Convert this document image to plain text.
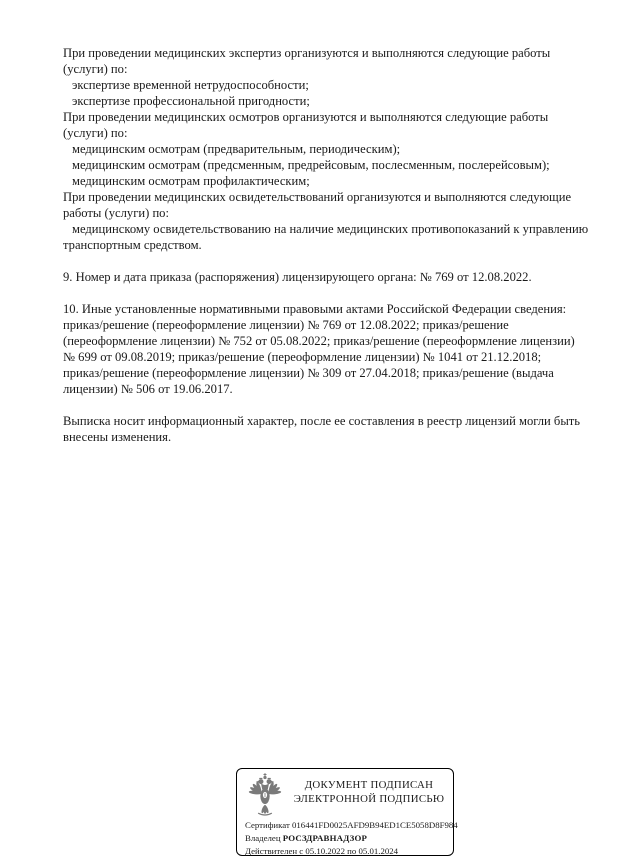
При проведении медицинских экспертиз организуются и выполняются следующие работы
(услуги) по:
экспертизе временной нетрудоспособности;
экспертизе профессиональной пригодности;
При проведении медицинских осмотров организуются и выполняются следующие работы
(услуги) по:
медицинским осмотрам (предварительным, периодическим);
медицинским осмотрам (предсменным, предрейсовым, послесменным, послерейсовым);
медицинским осмотрам профилактическим;
При проведении медицинских освидетельствований организуются и выполняются следующие
работы (услуги) по:
медицинскому освидетельствованию на наличие медицинских противопоказаний к управлению
транспортным средством.

9. Номер и дата приказа (распоряжения) лицензирующего органа: № 769 от 12.08.2022.

10. Иные установленные нормативными правовыми актами Российской Федерации сведения:
приказ/решение (переоформление лицензии) № 769 от 12.08.2022; приказ/решение
(переоформление лицензии) № 752 от 05.08.2022; приказ/решение (переоформление лицензии)
№ 699 от 09.08.2019; приказ/решение (переоформление лицензии) № 1041 от 21.12.2018;
приказ/решение (переоформление лицензии) № 309 от 27.04.2018; приказ/решение (выдача
лицензии) № 506 от 19.06.2017.

Выписка носит информационный характер, после ее составления в реестр лицензий могли быть
внесены изменения.
ДОКУМЕНТ ПОДПИСАН
ЭЛЕКТРОННОЙ ПОДПИСЬЮ
Сертификат 016441FD0025AFD9B94ED1CE5058D8F984
Владелец РОСЗДРАВНАДЗОР
Действителен с 05.10.2022 по 05.01.2024
